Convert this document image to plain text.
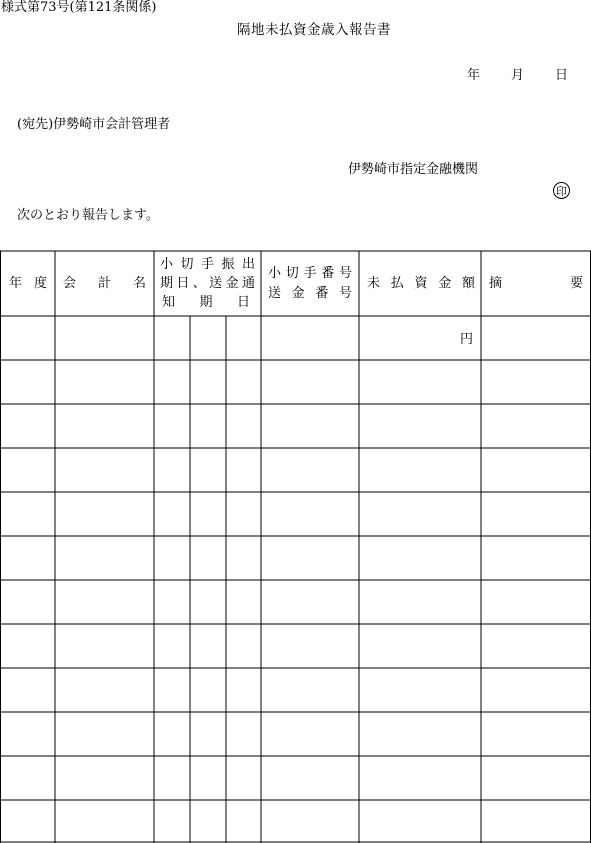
様式第73号(第121条関係)
隔地未払資金歳入報告書
年 月 日
(宛先)伊勢崎市会計管理者
伊勢崎市指定金融機関
印
次のとおり報告します。
年 度 会 計 名
小 切 手 振 出
期 日 、 送 金 通
知 期 日
小 切 手 番 号
送 金 番 号
未 払 資 金 額 摘	要
円
